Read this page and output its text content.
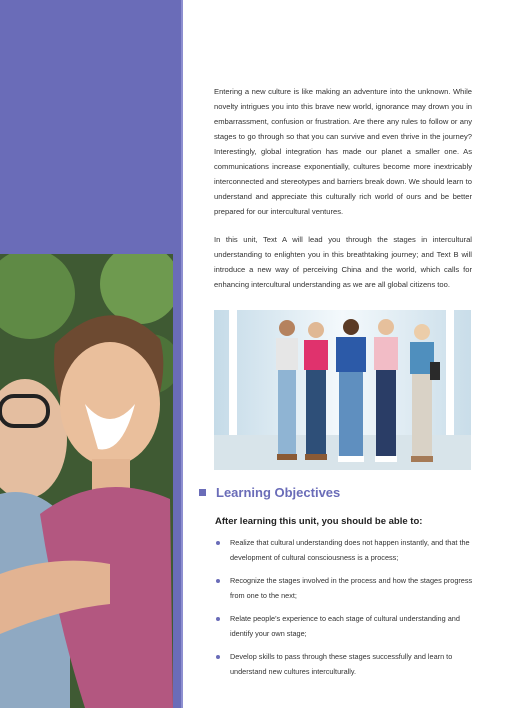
Entering a new culture is like making an adventure into the unknown. While novelty intrigues you into this brave new world, ignorance may drown you in embarrassment, confusion or frustration. Are there any rules to follow or any stages to go through so that you can survive and even thrive in the journey? Interestingly, global integration has made our planet a smaller one. As communications increase exponentially, cultures become more inextricably interconnected and stereotypes and barriers break down. We should learn to understand and appreciate this culturally rich world of ours and be better prepared for our intercultural ventures.

In this unit, Text A will lead you through the stages in intercultural understanding to enlighten you in this breathtaking journey; and Text B will introduce a new way of perceiving China and the world, which calls for enhancing intercultural understanding as we are all global citizens too.

Learning Objectives
After learning this unit, you should be able to:
Realize that cultural understanding does not happen instantly, and that the development of cultural consciousness is a process;
Recognize the stages involved in the process and how the stages progress from one to the next;
Relate people’s experience to each stage of cultural understanding and identify your own stage;
Develop skills to pass through these stages successfully and learn to understand new cultures interculturally.
